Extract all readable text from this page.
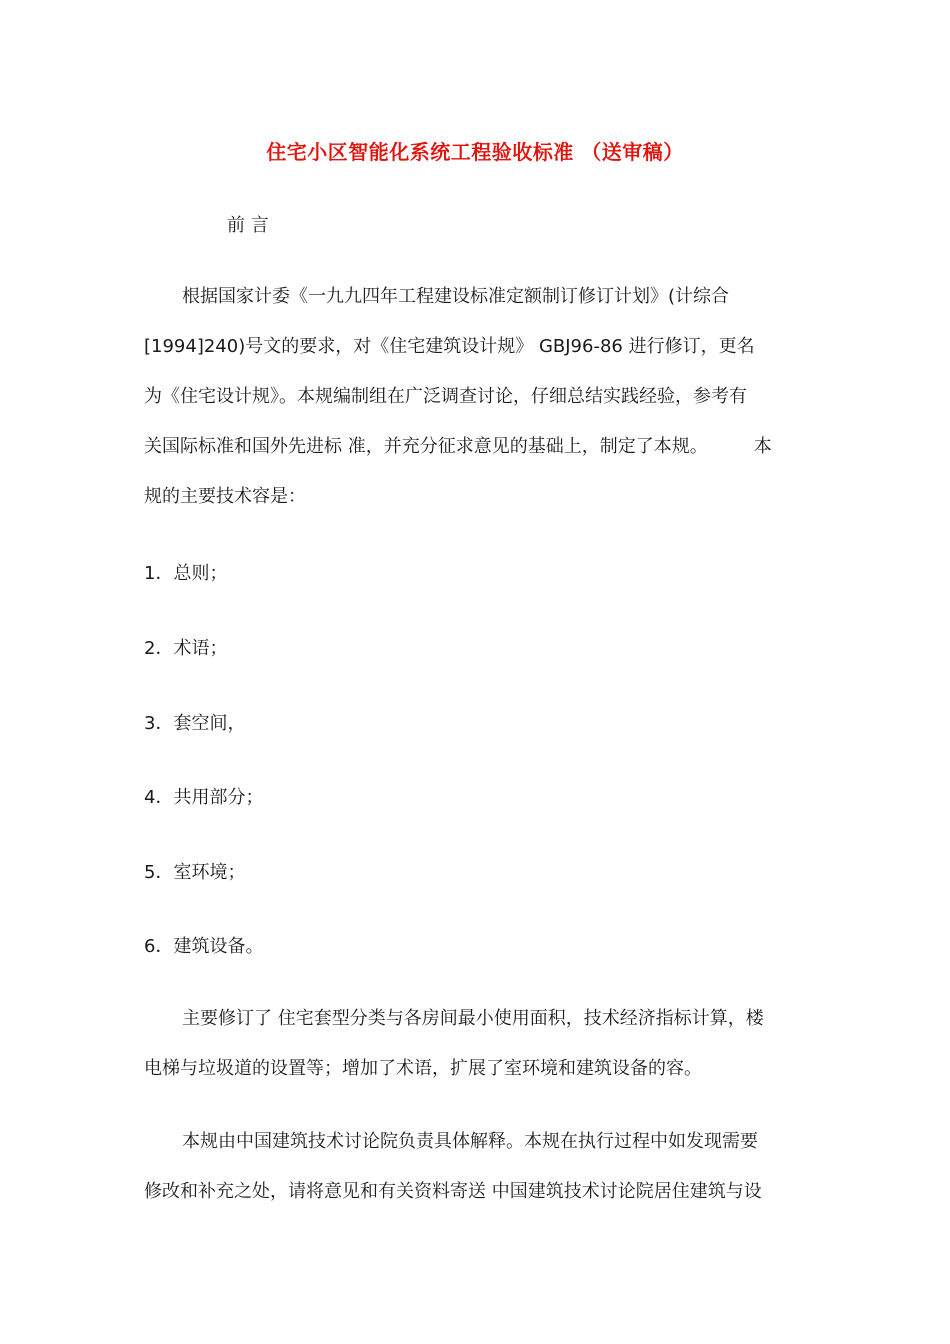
住宅小区智能化系统工程验收标准 （送审稿）

前 言

根据国家计委《一九九四年工程建设标准定额制订修订计划》(计综合
[1994]240)号文的要求，对《住宅建筑设计规》 GBJ96-86 进行修订，更名
为《住宅设计规》。本规编制组在广泛调查讨论，仔细总结实践经验，参考有
关国际标准和国外先进标 准，并充分征求意见的基础上，制定了本规。	本
规的主要技术容是：

1．总则；

2．术语；

3．套空间，

4．共用部分；

5．室环境；

6．建筑设备。

主要修订了 住宅套型分类与各房间最小使用面积，技术经济指标计算，楼
电梯与垃圾道的设置等；增加了术语，扩展了室环境和建筑设备的容。
本规由中国建筑技术讨论院负责具体解释。本规在执行过程中如发现需要
修改和补充之处，请将意见和有关资料寄送 中国建筑技术讨论院居住建筑与设
